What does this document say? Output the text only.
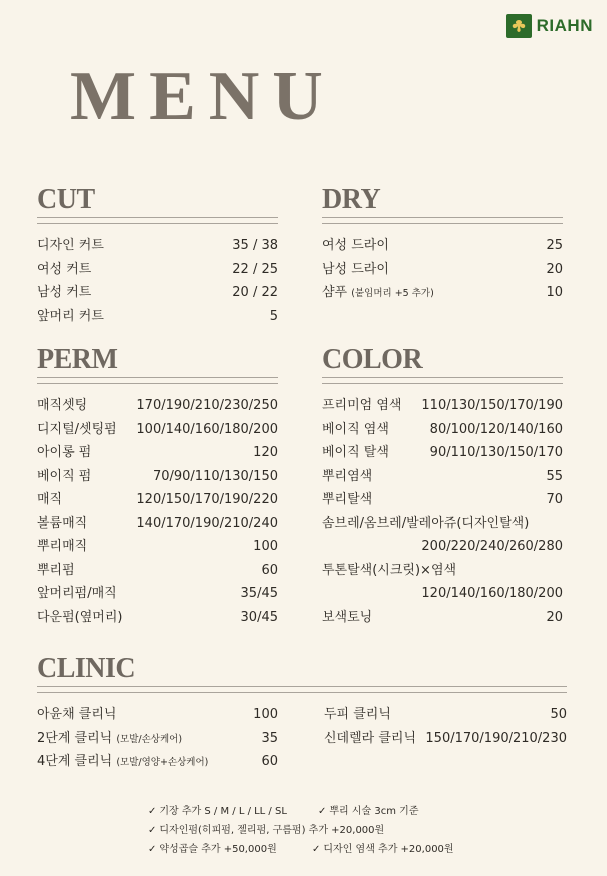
RIAHN
MENU
CUT
디자인 커트	35 / 38
여성 커트	22 / 25
남성 커트	20 / 22
앞머리 커트	5
DRY
여성 드라이	25
남성 드라이	20
샴푸 (붙임머리 +5 추가)	10
PERM
매직셋팅	170/190/210/230/250
디지털/셋팅펌 100/140/160/180/200
아이롱 펌	120
베이직 펌	70/90/110/130/150
매직	120/150/170/190/220
볼륨매직	140/170/190/210/240
뿌리매직	100
뿌리펌	60
앞머리펌/매직	35/45
다운펌(옆머리)	30/45
COLOR
프리미엄 염색 110/130/150/170/190
베이직 염색	80/100/120/140/160
베이직 탈색	90/110/130/150/170
뿌리염색	55
뿌리탈색	70
솜브레/옴브레/발레아쥬(디자인탈색)
200/220/240/260/280
투톤탈색(시크릿)×염색
120/140/160/180/200
보색토닝	20
CLINIC
아윤채 클리닉	100
2단계 클리닉 (모발/손상케어)	35
4단계 클리닉 (모발/영양+손상케어)	60
두피 클리닉	50
신데렐라 클리닉 150/170/190/210/230
✓ 기장 추가 S / M / L / LL / SL	✓ 뿌리 시술 3cm 기준
✓ 디자인펌(히피펌, 젤리펌, 구름펌) 추가 +20,000원
✓ 약성곱슬 추가 +50,000원	✓ 디자인 염색 추가 +20,000원
